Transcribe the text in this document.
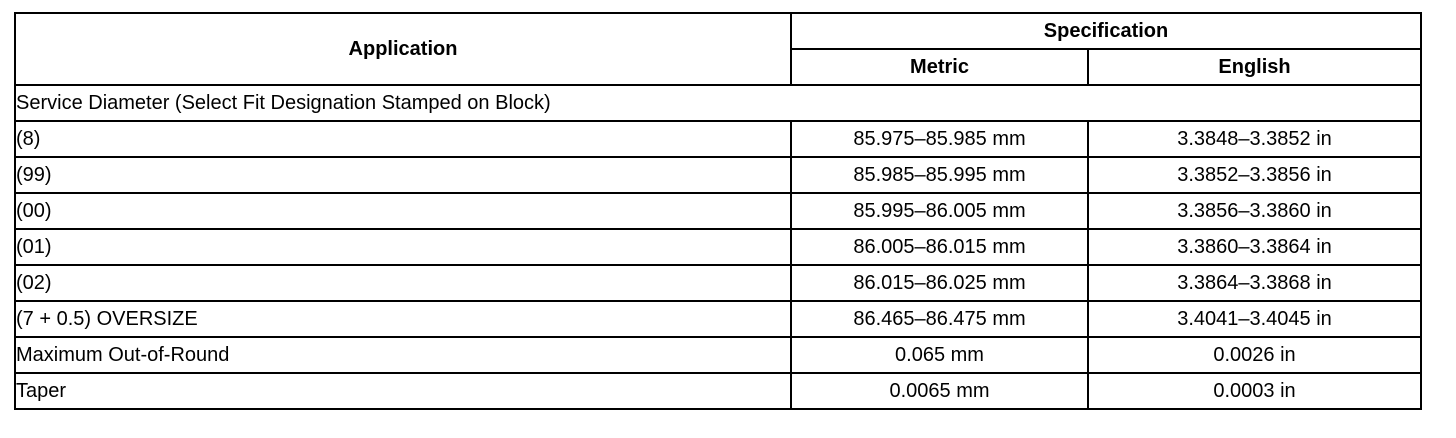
Application	Specification	
	Metric	English
Service Diameter (Select Fit Designation Stamped on Block)		
(8)	85.975–85.985 mm	3.3848–3.3852 in
(99)	85.985–85.995 mm	3.3852–3.3856 in
(00)	85.995–86.005 mm	3.3856–3.3860 in
(01)	86.005–86.015 mm	3.3860–3.3864 in
(02)	86.015–86.025 mm	3.3864–3.3868 in
(7 + 0.5) OVERSIZE	86.465–86.475 mm	3.4041–3.4045 in
Maximum Out-of-Round	0.065 mm	0.0026 in
Taper	0.0065 mm	0.0003 in
